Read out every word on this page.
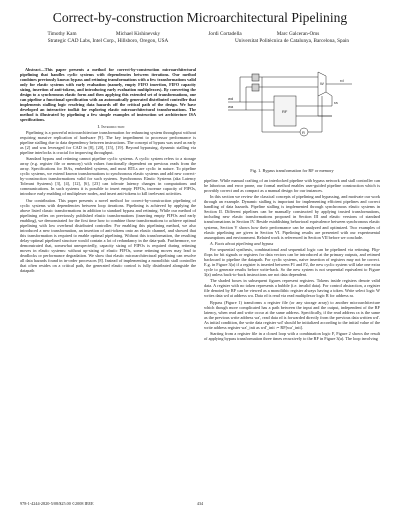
Correct-by-construction Microarchitectural Pipelining
Timothy Kam	Michael Kishinevsky	Jordi Cortadella	Marc Galceran-Oms
Strategic CAD Labs, Intel Corp., Hillsboro, Oregon, USA	Universitat Politècnica de Catalunya, Barcelona, Spain

Abstract—This paper presents a method for correct-by-construction microarchitectural pipelining that handles cyclic systems with dependencies between iterations. Our method combines previously known bypass and retiming transformations with a few transformations valid only for elastic systems with early evaluation (namely, empty FIFO insertion, FIFO capacity sizing, insertion of anti-tokens, and introducing early evaluation multiplexors). By converting the design to a synchronous elastic form and then applying this extended set of transformations, one can pipeline a functional specification with an automatically generated distributed controller that implements stalling logic resolving data hazards off the critical path of the design. We have developed an interactive toolkit for exploring elastic microarchitectural transformations. The method is illustrated by pipelining a few simple examples of instruction set architecture ISA specifications.

I. Introduction

Pipelining is a powerful microarchitecture transformation for enhancing system throughput without requiring massive replication of hardware [9]. The key impediment to processor performance is pipeline stalling due to data dependency between instructions. The concept of bypass was used as early as [2] and was leveraged for CAD in [8], [20], [15], [19]. Beyond bypassing, dynamic stalling via pipeline interlocks is crucial for improving throughput.

Standard bypass and retiming cannot pipeline cyclic systems. A cyclic system refers to a storage array (e.g. register file or memory) with values functionally dependent on previous reads from the array. Specifications for ISAs, embedded systems, and most RTLs are cyclic in nature. To pipeline cyclic systems, we extend known transformations to synchronous elastic systems and add new correct-by-construction transformations valid for such systems. Synchronous Elastic Systems (aka Latency Tolerant Systems) [3], [4], [12], [6], [23] can tolerate latency changes in computations and communications. In such systems it is possible to insert empty FIFOs, increase capacity of FIFOs, introduce early enabling of multiplexer nodes, and insert anti-tokens to kill irrelevant activities.

Our contribution. This paper presents a novel method for correct-by-construction pipelining of cyclic systems with dependencies between loop iterations. Pipelining is achieved by applying the above listed classic transformations in addition to standard bypass and retiming. While our method of pipelining relies on previously published elastic transformations (inserting empty FIFOs and early enabling), we demonstrated for the first time how to combine those transformations to achieve optimal pipelining with low overhead distributed controller. For enabling this pipelining method, we also introduced a new transformation, an insertion of anti-tokens onto an elastic channel, and showed that this transformation is required to enable optimal pipelining. Without this transformation, the resulting delay-optimal pipelined structure would contain a lot of redundancy in the data-path. Furthermore, we demonstrated that, somewhat unexpectedly, capacity sizing of FIFOs is required during retiming moves in elastic systems: without up-sizing of elastic FIFOs, some retiming moves may lead to deadlocks or performance degradation. We show that elastic microarchitectural pipelining can resolve all data hazards found in in-order processors [8]. Instead of implementing a monolithic stall controller that often resides on a critical path, the generated elastic control is fully distributed alongside the datapath

RF
wd
wa
ra
rd
W
R
Fig. 1. Bypass transformation for RF or memory

pipeline. While manual crafting of an interlocked pipeline with bypass network and stall controller can be laborious and error prone, our formal method enables user-guided pipeline construction which is provably correct and as compact as a manual design for our instances.

In this section we review the classical concepts of pipelining and bypassing, and motivate our work through an example. Dynamic stalling is important for implementing efficient pipelines and correct handling of data hazards. Pipeline stalling is implemented through synchronous elastic systems in Section II. Different pipelines can be manually constructed by applying trusted transformations, including new elastic transformations proposed in Section III and elastic versions of standard transformations in Section IV. Beside establishing behavioral equivalence between synchronous elastic systems, Section V shows how their performance can be analyzed and optimized. Two examples of elastic pipelining are given in Section VI. Pipelining results are presented with our experimental assumptions and environment. Related work is referenced in Section VII before we conclude.

A. Facts about pipelining and bypass

For sequential synthesis, combinational and sequential logic can be pipelined via retiming. Flip-flops for bit signals or registers for data vectors can be introduced at the primary outputs, and retimed backward to pipeline the datapath. For cyclic systems, naive insertion of registers may not be correct. E.g. in Figure 3(a) if a register is inserted between F1 and F2, the new cyclic system will take one extra cycle to generate results before write-back. So the new system is not sequential equivalent to Figure 3(a) unless back-to-back instructions are not data dependent.

The shaded boxes in subsequent figures represent registers. Tokens inside registers denote valid data. A register with no token represents a bubble (i.e. invalid data). For control abstraction, a register file denoted by RF can be viewed as a monolithic register always having a token. Write select logic W writes data wd at address wa. Data rd is read via read multiplexor logic R for address ra.

Bypass (Figure 1) transforms a register file (or any storage array) to another microarchitecture which though more complicated has a path between the input and the output, independent of the RF latency, when read and write occur at the same address. Specifically, if the read address ra is the same as the previous write address wa′, read data rd is forwarded directly from the previous data written wd′. As initial condition, the write data register wd′ should be initialized according to the initial value of the write address register wa′_init as wd′_init := RF[wa′_init].

Starting from a register file in a closed loop with a combination logic F, Figure 2 shows the result of applying bypass transformation three times recursively to the RF in Figure 3(a). The loop involving

978-1-4244-2820-5/08/$25.00 ©2008 IEEE	434
